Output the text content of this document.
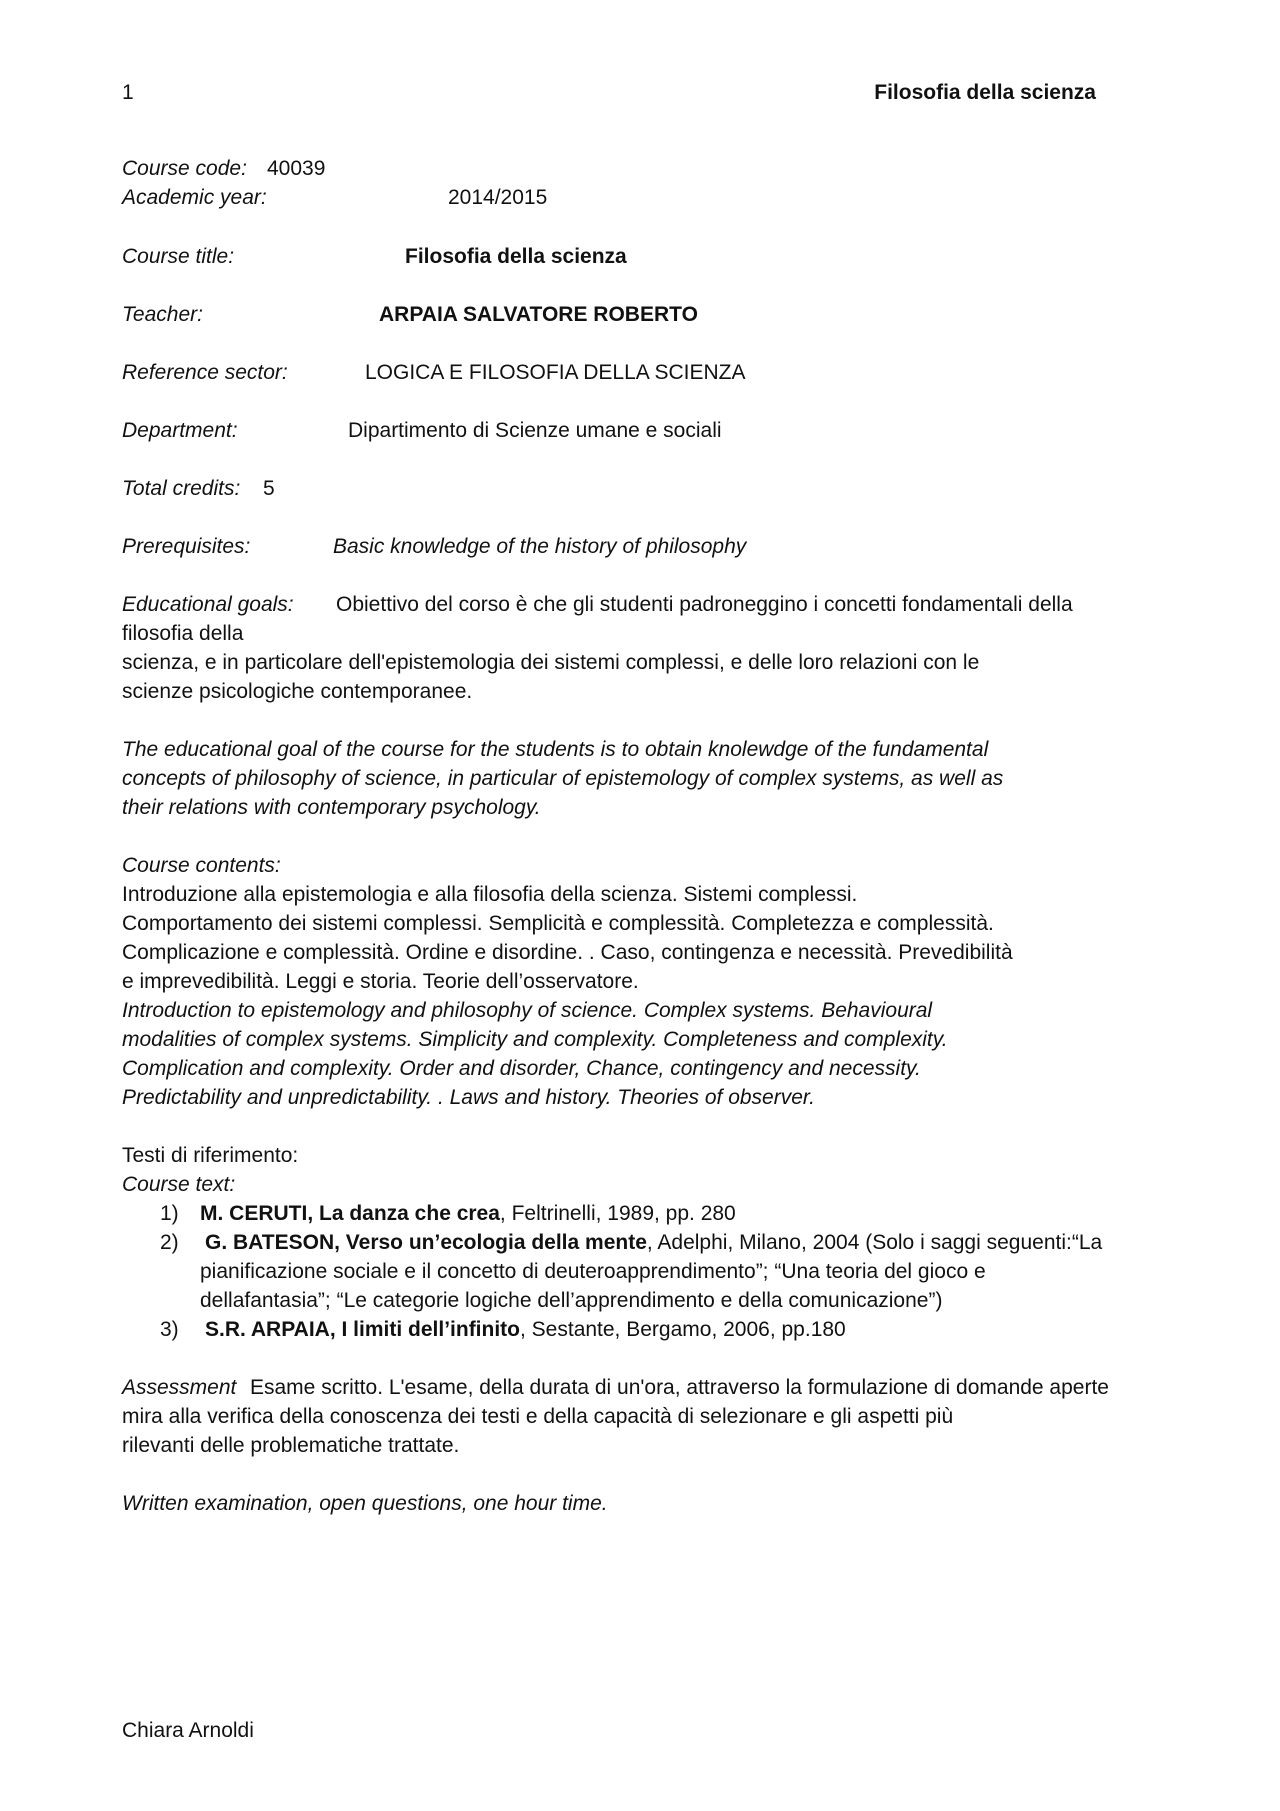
1	Filosofia della scienza
Course code: 40039
Academic year:	2014/2015
Course title:	Filosofia della scienza
Teacher:	ARPAIA SALVATORE ROBERTO
Reference sector:	LOGICA E FILOSOFIA DELLA SCIENZA
Department:	Dipartimento di Scienze umane e sociali
Total credits: 5
Prerequisites:	Basic knowledge of the history of philosophy
Educational goals: Obiettivo del corso è che gli studenti padroneggino i concetti fondamentali della
filosofia della
scienza, e in particolare dell'epistemologia dei sistemi complessi, e delle loro relazioni con le
scienze psicologiche contemporanee.
The educational goal of the course for the students is to obtain knolewdge of the fundamental
concepts of philosophy of science, in particular of epistemology of complex systems, as well as
their relations with contemporary psychology.
Course contents:
Introduzione alla epistemologia e alla filosofia della scienza. Sistemi complessi.
Comportamento dei sistemi complessi. Semplicità e complessità. Completezza e complessità.
Complicazione e complessità. Ordine e disordine. . Caso, contingenza e necessità. Prevedibilità
e imprevedibilità. Leggi e storia. Teorie dell’osservatore.
Introduction to epistemology and philosophy of science. Complex systems. Behavioural
modalities of complex systems. Simplicity and complexity. Completeness and complexity.
Complication and complexity. Order and disorder, Chance, contingency and necessity.
Predictability and unpredictability. . Laws and history. Theories of observer.
Testi di riferimento:
Course text:
1) M. CERUTI, La danza che crea, Feltrinelli, 1989, pp. 280
2) G. BATESON, Verso un’ecologia della mente, Adelphi, Milano, 2004 (Solo i saggi seguenti:“La
pianificazione sociale e il concetto di deuteroapprendimento”; “Una teoria del gioco e
dellafantasia”; “Le categorie logiche dell’apprendimento e della comunicazione”)
3) S.R. ARPAIA, I limiti dell’infinito, Sestante, Bergamo, 2006, pp.180
Assessment Esame scritto. L'esame, della durata di un'ora, attraverso la formulazione di domande aperte
mira alla verifica della conoscenza dei testi e della capacità di selezionare e gli aspetti più
rilevanti delle problematiche trattate.
Written examination, open questions, one hour time.
Chiara Arnoldi
